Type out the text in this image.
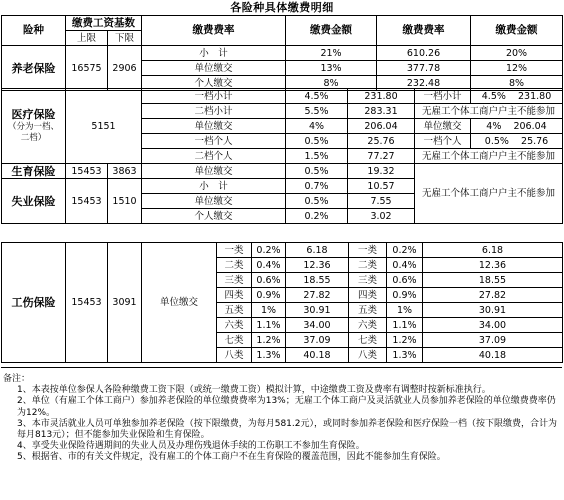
各险种具体缴费明细
险种	缴费工资基数		缴费费率	缴费金额	缴费费率	缴费金额
	上限	下限				
养老保险	16575	2906	小　计	21%	610.26	20%
			单位缴交	13%	377.78	12%
			个人缴交	8%	232.48	8%
医疗保险
（分为一档、二档）	5151		一档小计	4.5%	231.80	一档小计	4.5% 231.80
			二档小计	5.5%	283.31	无雇工个体工商户户主不能参加	
			单位缴交	4%	206.04	单位缴交	4% 206.04
			一档个人	0.5%	25.76	一档个人	0.5% 25.76
			二档个人	1.5%	77.27	无雇工个体工商户户主不能参加	
生育保险	15453	3863	单位缴交	0.5%	19.32	无雇工个体工商户户主不能参加	
失业保险	15453	1510	小　计	0.7%	10.57		
			单位缴交	0.5%	7.55		
			个人缴交	0.2%	3.02		
工伤保险	15453	3091	单位缴交	一类	0.2%	6.18	一类	0.2%	6.18
				二类	0.4%	12.36	二类	0.4%	12.36
				三类	0.6%	18.55	三类	0.6%	18.55
				四类	0.9%	27.82	四类	0.9%	27.82
				五类	1%	30.91	五类	1%	30.91
				六类	1.1%	34.00	六类	1.1%	34.00
				七类	1.2%	37.09	七类	1.2%	37.09
				八类	1.3%	40.18	八类	1.3%	40.18
备注：
1、本表按单位参保人各险种缴费工资下限（或统一缴费工资）模拟计算，中途缴费工资及费率有调整时按新标准执行。
2、单位（有雇工个体工商户）参加养老保险的单位缴费费率为13%；无雇工个体工商户及灵活就业人员参加养老保险的单位缴费费率仍为12%。
3、本市灵活就业人员可单独参加养老保险（按下限缴费，为每月581.2元），或同时参加养老保险和医疗保险一档（按下限缴费，合计为每月813元）；但不能参加失业保险和生育保险。
4、享受失业保险待遇期间的失业人员及办理伤残退休手续的工伤职工不参加生育保险。
5、根据省、市的有关文件规定，没有雇工的个体工商户不在生育保险的覆盖范围，因此不能参加生育保险。
